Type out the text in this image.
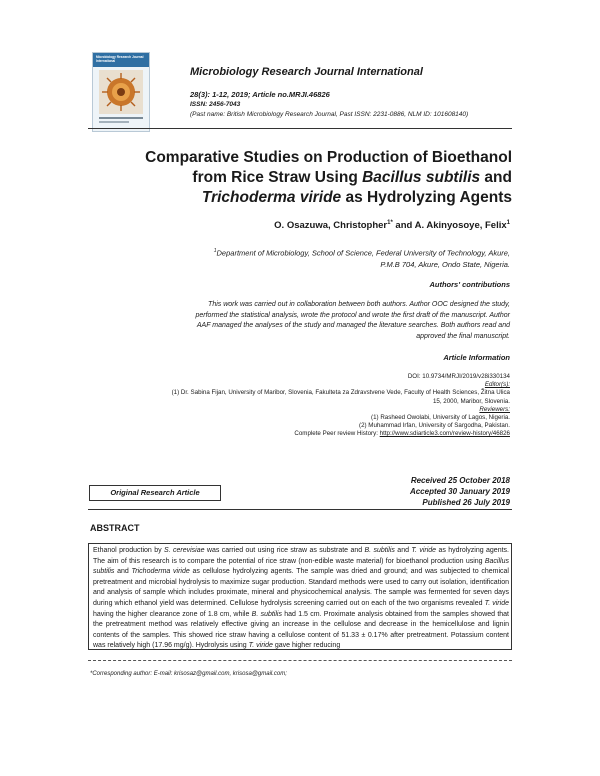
Microbiology Research Journal International
Microbiology Research Journal International
28(3): 1-12, 2019; Article no.MRJI.46826
ISSN: 2456-7043
(Past name: British Microbiology Research Journal, Past ISSN: 2231-0886, NLM ID: 101608140)
Comparative Studies on Production of Bioethanol
from Rice Straw Using Bacillus subtilis and
Trichoderma viride as Hydrolyzing Agents
O. Osazuwa, Christopher$^{1*}$ and A. Akinyosoye, Felix$^1$
$^1$Department of Microbiology, School of Science, Federal University of Technology, Akure,
P.M.B 704, Akure, Ondo State, Nigeria.
Authors' contributions
This work was carried out in collaboration between both authors. Author OOC designed the study,
performed the statistical analysis, wrote the protocol and wrote the first draft of the manuscript. Author
AAF managed the analyses of the study and managed the literature searches. Both authors read and
approved the final manuscript.
Article Information
DOI: 10.9734/MRJI/2019/v28i330134
Editor(s):
(1) Dr. Sabina Fijan, University of Maribor, Slovenia, Fakulteta za Zdravstvene Vede, Faculty of Health Sciences, Žitna Ulica
15, 2000, Maribor, Slovenia.
Reviewers:
(1) Rasheed Owolabi, University of Lagos, Nigeria.
(2) Muhammad Irfan, University of Sargodha, Pakistan.
Complete Peer review History: http://www.sdiarticle3.com/review-history/46826
Original Research Article
Received 25 October 2018
Accepted 30 January 2019
Published 26 July 2019
ABSTRACT
Ethanol production by S. cerevisiae was carried out using rice straw as substrate and B. subtilis and T. viride as hydrolyzing agents. The aim of this research is to compare the potential of rice straw (non-edible waste material) for bioethanol production using Bacillus subtilis and Trichoderma viride as cellulose hydrolyzing agents. The sample was dried and ground; and was subjected to chemical pretreatment and microbial hydrolysis to maximize sugar production. Standard methods were used to carry out isolation, identification and analysis of sample which includes proximate, mineral and physicochemical analysis. The sample was fermented for seven days during which ethanol yield was determined. Cellulose hydrolysis screening carried out on each of the two organisms revealed T. viride having the higher clearance zone of 1.8 cm, while B. subtilis had 1.5 cm. Proximate analysis obtained from the samples showed that the pretreatment method was relatively effective giving an increase in the cellulose and decrease in the hemicellulose and lignin contents of the samples. This showed rice straw having a cellulose content of 51.33 ± 0.17% after pretreatment. Potassium content was relatively high (17.96 mg/g). Hydrolysis using T. viride gave higher reducing
*Corresponding author: E-mail: krisosaz@gmail.com, krisosa@gmail.com;
